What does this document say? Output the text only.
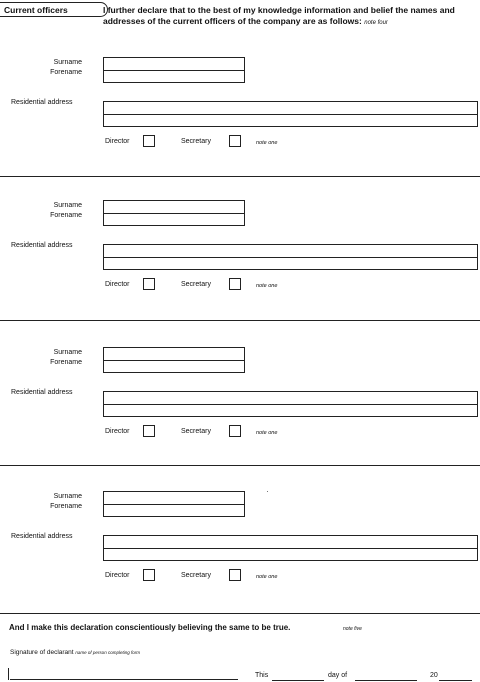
Current officers	I further declare that to the best of my knowledge information and belief the names and addresses of the current officers of the company are as follows: note four
Surname
Forename
Residential address
Director	Secretary	note one
Surname
Forename
Residential address
Director	Secretary	note one
Surname
Forename
Residential address
Director	Secretary	note one
Surname
Forename
Residential address
Director	Secretary	note one
And I make this declaration conscientiously believing the same to be true.	note five
Signature of declarant name of person completing form
This	day of	20
